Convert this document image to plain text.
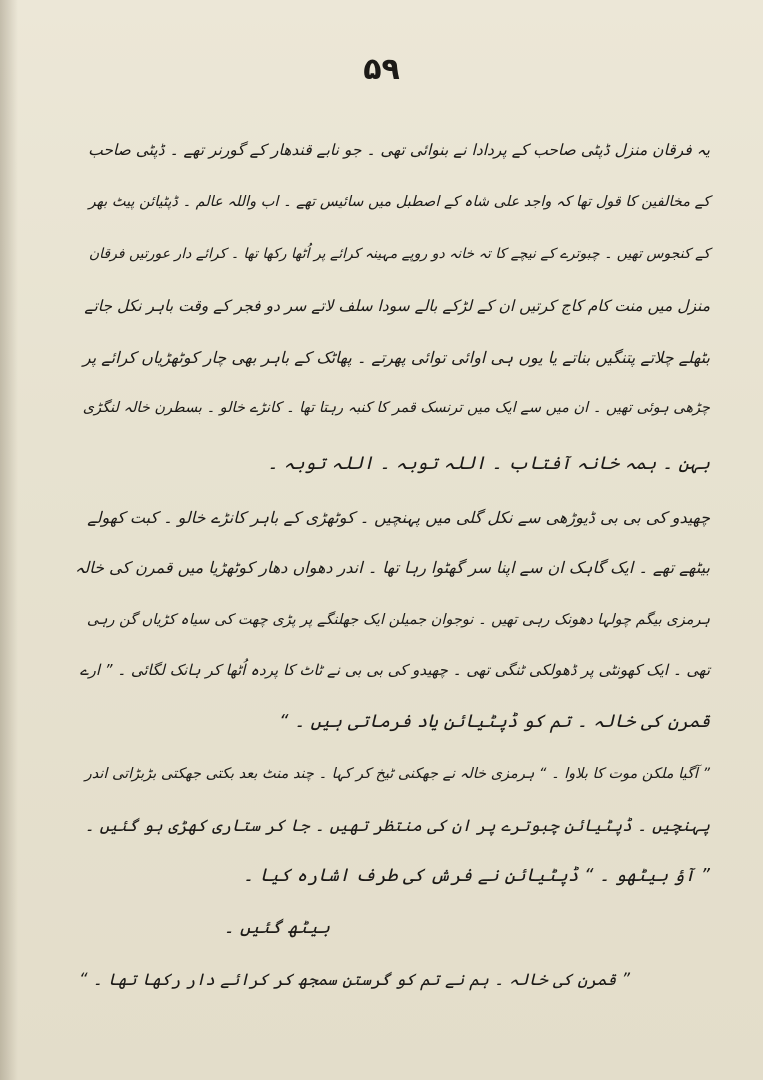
۵۹
یہ فرقان منزل ڈپٹی صاحب کے پردادا نے بنوائی تھی ۔ جو نابے قندھار کے گورنر تھے ۔ ڈپٹی صاحب
کے مخالفین کا قول تھا کہ واجد علی شاہ کے اصطبل میں سائیس تھے ۔ اب واللہ عالم ۔ ڈپٹیائن پیٹ بھر
کے کنجوس تھیں ۔ چبوترے کے نیچے کا تہ خانہ دو روپے مہینہ کرائے پر اُٹھا رکھا تھا ۔ کرائے دار عورتیں فرقان
منزل میں منت کام کاج کرتیں ان کے لڑکے بالے سودا سلف لاتے سر دو فجر کے وقت باہر نکل جاتے
بٹھلے چلاتے پتنگیں بناتے یا یوں ہی اوائی توائی پھرتے ۔ پھاٹک کے باہر بھی چار کوٹھڑیاں کرائے پر
چڑھی ہوئی تھیں ۔ ان میں سے ایک میں ترنسک قمر کا کنبہ رہتا تھا ۔ کانڑے خالو ۔ بسطرن خالہ لنگڑی
بہن ۔ ہمہ خانہ آفتاب ۔ اللہ توبہ ۔ اللہ توبہ ۔
چھیدو کی بی بی ڈیوڑھی سے نکل گلی میں پہنچیں ۔ کوٹھڑی کے باہر کانڑے خالو ۔ کبت کھولے
بیٹھے تھے ۔ ایک گاہک ان سے اپنا سر گھٹوا رہا تھا ۔ اندر دھواں دھار کوٹھڑیا میں قمرن کی خالہ
ہرمزی بیگم چولہا دھونک رہی تھیں ۔ نوجوان جمیلن ایک جھلنگے پر پڑی چھت کی سیاہ کڑیاں گن رہی
تھی ۔ ایک کھونٹی پر ڈھولکی ٹنگی تھی ۔ چھیدو کی بی بی نے ٹاٹ کا پردہ اُٹھا کر ہانک لگائی ۔ ” ارے
قمرن کی خالہ ۔ تم کو ڈپٹیائن یاد فرماتی ہیں ۔ “
” آگیا ملکن موت کا بلاوا ۔ “ ہرمزی خالہ نے جھکنی ٹیخ کر کہا ۔ چند منٹ بعد بکتی جھکتی بڑبڑاتی اندر
پہنچیں ۔ ڈپٹیائن چبوترے پر ان کی منتظر تھیں ۔ جا کر ستاری کھڑی ہو گئیں ۔
” آؤ بیٹھو ۔ “ ڈپٹیائن نے فرش کی طرف اشارہ کیا ۔
بیٹھ گئیں ۔
” قمرن کی خالہ ۔ ہم نے تم کو گرستن سمجھ کر کرائے دار رکھا تھا ۔ “
